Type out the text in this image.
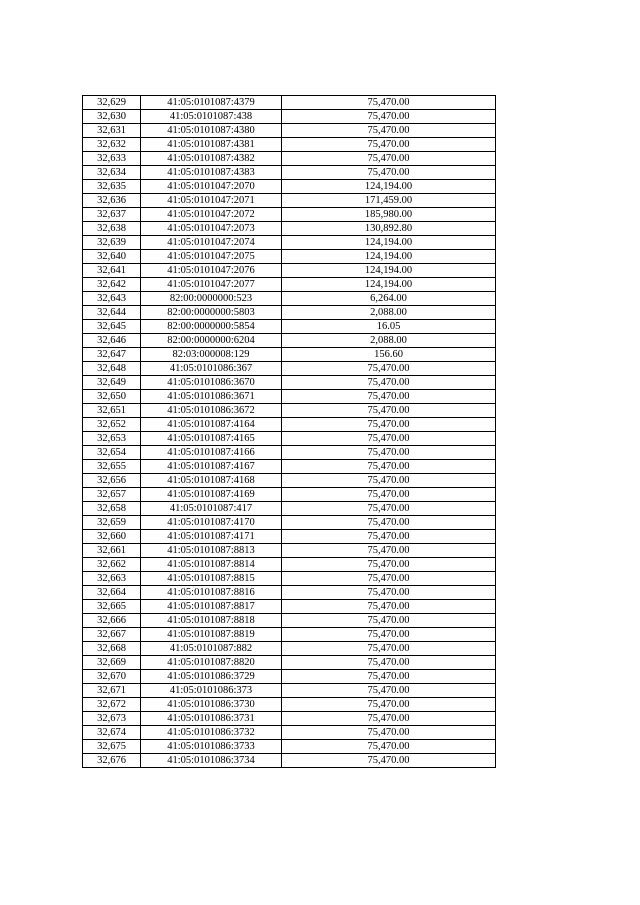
32,629	41:05:0101087:4379	75,470.00
32,630	41:05:0101087:438	75,470.00
32,631	41:05:0101087:4380	75,470.00
32,632	41:05:0101087:4381	75,470.00
32,633	41:05:0101087:4382	75,470.00
32,634	41:05:0101087:4383	75,470.00
32,635	41:05:0101047:2070	124,194.00
32,636	41:05:0101047:2071	171,459.00
32,637	41:05:0101047:2072	185,980.00
32,638	41:05:0101047:2073	130,892.80
32,639	41:05:0101047:2074	124,194.00
32,640	41:05:0101047:2075	124,194.00
32,641	41:05:0101047:2076	124,194.00
32,642	41:05:0101047:2077	124,194.00
32,643	82:00:0000000:523	6,264.00
32,644	82:00:0000000:5803	2,088.00
32,645	82:00:0000000:5854	16.05
32,646	82:00:0000000:6204	2,088.00
32,647	82:03:000008:129	156.60
32,648	41:05:0101086:367	75,470.00
32,649	41:05:0101086:3670	75,470.00
32,650	41:05:0101086:3671	75,470.00
32,651	41:05:0101086:3672	75,470.00
32,652	41:05:0101087:4164	75,470.00
32,653	41:05:0101087:4165	75,470.00
32,654	41:05:0101087:4166	75,470.00
32,655	41:05:0101087:4167	75,470.00
32,656	41:05:0101087:4168	75,470.00
32,657	41:05:0101087:4169	75,470.00
32,658	41:05:0101087:417	75,470.00
32,659	41:05:0101087:4170	75,470.00
32,660	41:05:0101087:4171	75,470.00
32,661	41:05:0101087:8813	75,470.00
32,662	41:05:0101087:8814	75,470.00
32,663	41:05:0101087:8815	75,470.00
32,664	41:05:0101087:8816	75,470.00
32,665	41:05:0101087:8817	75,470.00
32,666	41:05:0101087:8818	75,470.00
32,667	41:05:0101087:8819	75,470.00
32,668	41:05:0101087:882	75,470.00
32,669	41:05:0101087:8820	75,470.00
32,670	41:05:0101086:3729	75,470.00
32,671	41:05:0101086:373	75,470.00
32,672	41:05:0101086:3730	75,470.00
32,673	41:05:0101086:3731	75,470.00
32,674	41:05:0101086:3732	75,470.00
32,675	41:05:0101086:3733	75,470.00
32,676	41:05:0101086:3734	75,470.00
